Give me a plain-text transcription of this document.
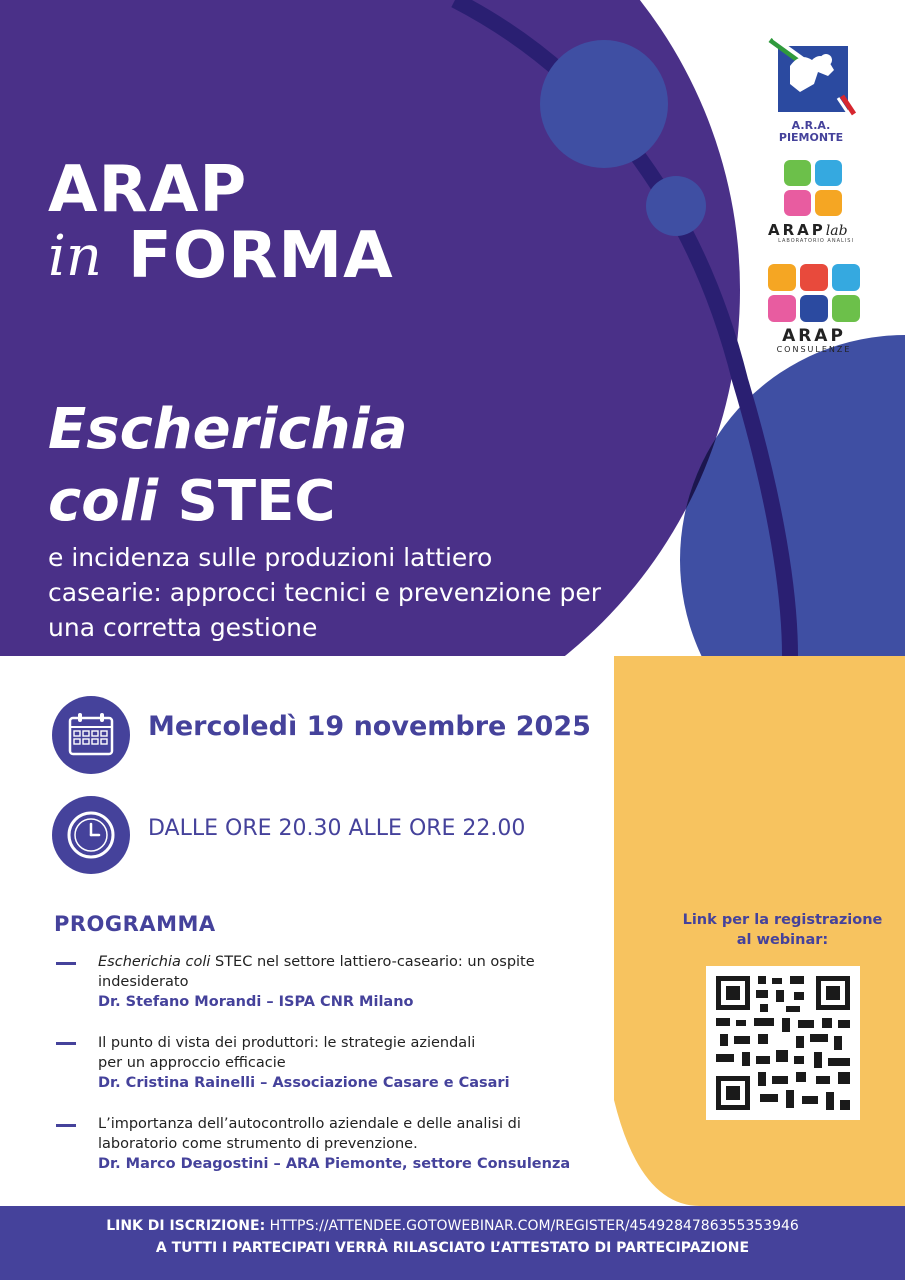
ARAP
in FORMA
Escherichia
coli STEC
e incidenza sulle produzioni lattiero casearie: approcci tecnici e prevenzione per una corretta gestione
A.R.A. PIEMONTE
ARAPlab
LABORATORIO ANALISI
ARAP
CONSULENZE
Mercoledì 19 novembre 2025
DALLE ORE 20.30 ALLE ORE 22.00
PROGRAMMA
Escherichia coli STEC nel settore lattiero-caseario: un ospite indesiderato
Dr. Stefano Morandi – ISPA CNR Milano
Il punto di vista dei produttori: le strategie aziendali per un approccio efficacie
Dr. Cristina Rainelli – Associazione Casare e Casari
L’importanza dell’autocontrollo aziendale e delle analisi di laboratorio come strumento di prevenzione.
Dr. Marco Deagostini – ARA Piemonte, settore Consulenza
Link per la registrazione al webinar:
LINK DI ISCRIZIONE: HTTPS://ATTENDEE.GOTOWEBINAR.COM/REGISTER/4549284786355353946
A TUTTI I PARTECIPATI VERRÀ RILASCIATO L’ATTESTATO DI PARTECIPAZIONE
